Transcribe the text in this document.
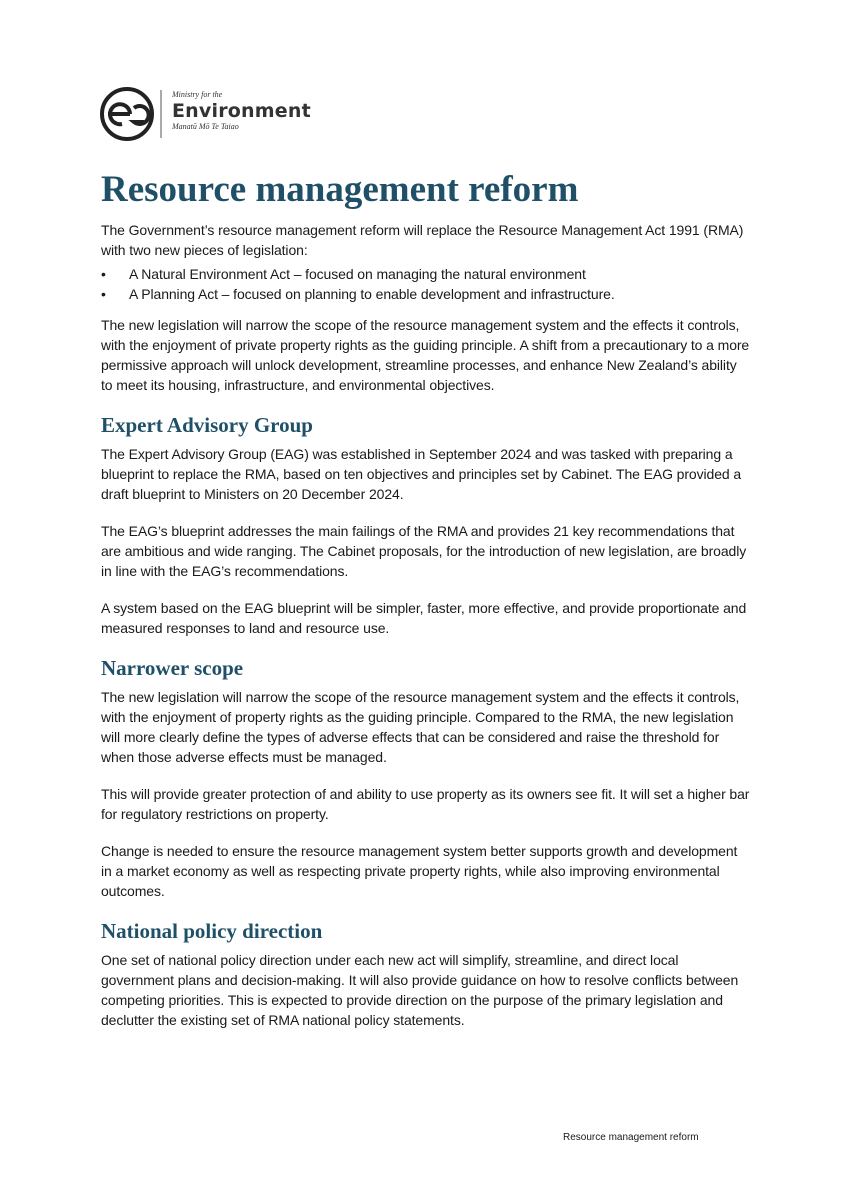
Ministry for the
Environment
Manatū Mō Te Taiao
Resource management reform

The Government’s resource management reform will replace the Resource Management Act 1991 (RMA) with two new pieces of legislation:

• A Natural Environment Act – focused on managing the natural environment
• A Planning Act – focused on planning to enable development and infrastructure.

The new legislation will narrow the scope of the resource management system and the effects it controls, with the enjoyment of private property rights as the guiding principle. A shift from a precautionary to a more permissive approach will unlock development, streamline processes, and enhance New Zealand’s ability to meet its housing, infrastructure, and environmental objectives.

Expert Advisory Group

The Expert Advisory Group (EAG) was established in September 2024 and was tasked with preparing a blueprint to replace the RMA, based on ten objectives and principles set by Cabinet. The EAG provided a draft blueprint to Ministers on 20 December 2024.

The EAG’s blueprint addresses the main failings of the RMA and provides 21 key recommendations that are ambitious and wide ranging. The Cabinet proposals, for the introduction of new legislation, are broadly in line with the EAG’s recommendations.

A system based on the EAG blueprint will be simpler, faster, more effective, and provide proportionate and measured responses to land and resource use.

Narrower scope

The new legislation will narrow the scope of the resource management system and the effects it controls, with the enjoyment of property rights as the guiding principle. Compared to the RMA, the new legislation will more clearly define the types of adverse effects that can be considered and raise the threshold for when those adverse effects must be managed.

This will provide greater protection of and ability to use property as its owners see fit. It will set a higher bar for regulatory restrictions on property.

Change is needed to ensure the resource management system better supports growth and development in a market economy as well as respecting private property rights, while also improving environmental outcomes.

National policy direction

One set of national policy direction under each new act will simplify, streamline, and direct local government plans and decision-making. It will also provide guidance on how to resolve conflicts between competing priorities. This is expected to provide direction on the purpose of the primary legislation and declutter the existing set of RMA national policy statements.

Resource management reform
